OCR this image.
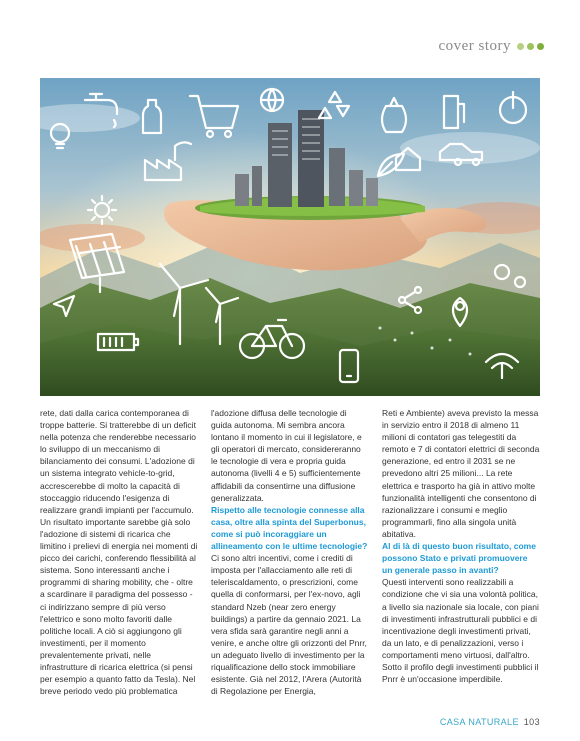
cover story

rete, dati dalla carica contemporanea di troppe batterie. Si tratterebbe di un deficit nella potenza che renderebbe necessario lo sviluppo di un meccanismo di bilanciamento dei consumi. L'adozione di un sistema integrato vehicle-to-grid, accrescerebbe di molto la capacità di stoccaggio riducendo l'esigenza di realizzare grandi impianti per l'accumulo. Un risultato importante sarebbe già solo l'adozione di sistemi di ricarica che limitino i prelievi di energia nei momenti di picco dei carichi, conferendo flessibilità al sistema. Sono interessanti anche i programmi di sharing mobility, che - oltre a scardinare il paradigma del possesso - ci indirizzano sempre di più verso l'elettrico e sono molto favoriti dalle politiche locali. A ciò si aggiungono gli investimenti, per il momento prevalentemente privati, nelle infrastrutture di ricarica elettrica (si pensi per esempio a quanto fatto da Tesla). Nel breve periodo vedo più problematica

l'adozione diffusa delle tecnologie di guida autonoma. Mi sembra ancora lontano il momento in cui il legislatore, e gli operatori di mercato, considereranno le tecnologie di vera e propria guida autonoma (livelli 4 e 5) sufficientemente affidabili da consentirne una diffusione generalizzata.

Rispetto alle tecnologie connesse alla casa, oltre alla spinta del Superbonus, come si può incoraggiare un allineamento con le ultime tecnologie?

Ci sono altri incentivi, come i crediti di imposta per l'allacciamento alle reti di teleriscaldamento, o prescrizioni, come quella di conformarsi, per l'ex-novo, agli standard Nzeb (near zero energy buildings) a partire da gennaio 2021. La vera sfida sarà garantire negli anni a venire, e anche oltre gli orizzonti del Pnrr, un adeguato livello di investimento per la riqualificazione dello stock immobiliare esistente. Già nel 2012, l'Arera (Autorità di Regolazione per Energia,

Reti e Ambiente) aveva previsto la messa in servizio entro il 2018 di almeno 11 milioni di contatori gas telegestiti da remoto e 7 di contatori elettrici di seconda generazione, ed entro il 2031 se ne prevedono altri 25 milioni... La rete elettrica e trasporto ha già in attivo molte funzionalità intelligenti che consentono di razionalizzare i consumi e meglio programmarli, fino alla singola unità abitativa.

Al di là di questo buon risultato, come possono Stato e privati promuovere un generale passo in avanti?

Questi interventi sono realizzabili a condizione che vi sia una volontà politica, a livello sia nazionale sia locale, con piani di investimenti infrastrutturali pubblici e di incentivazione degli investimenti privati, da un lato, e di penalizzazioni, verso i comportamenti meno virtuosi, dall'altro. Sotto il profilo degli investimenti pubblici il Pnrr è un'occasione imperdibile.

CASA NATURALE 103
